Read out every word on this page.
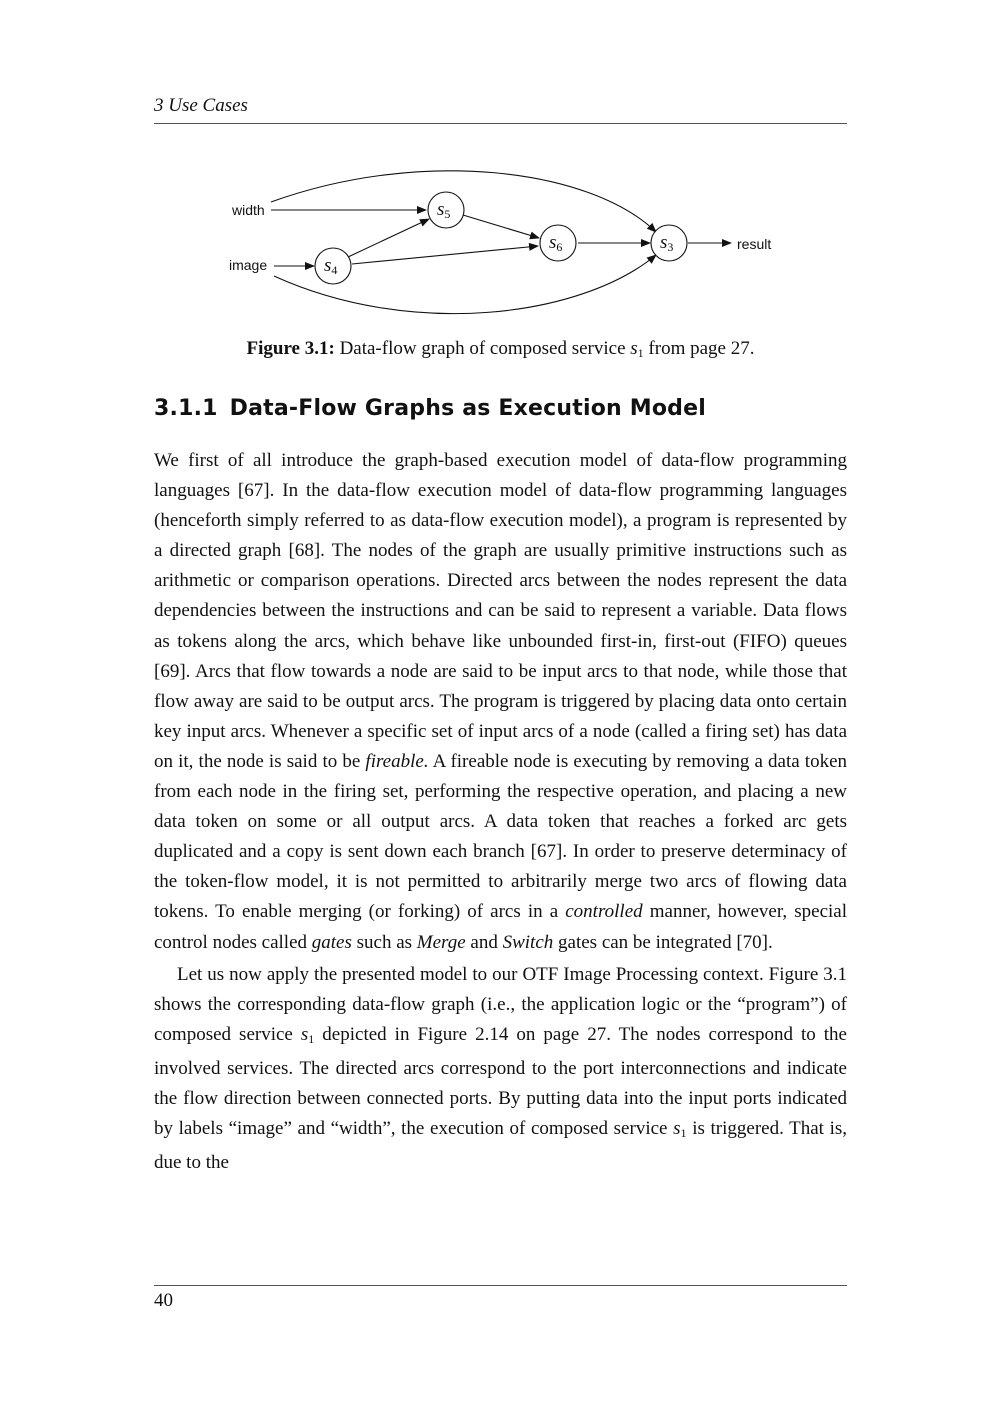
3 Use Cases
width
image
result
s5
s4
s6	s3
Figure 3.1: Data-flow graph of composed service $s_1$ from page 27.
3.1.1 Data-Flow Graphs as Execution Model

We first of all introduce the graph-based execution model of data-flow programming languages [67]. In the data-flow execution model of data-flow programming languages (henceforth simply referred to as data-flow execution model), a program is represented by a directed graph [68]. The nodes of the graph are usually primitive instructions such as arithmetic or comparison operations. Directed arcs between the nodes represent the data dependencies between the instructions and can be said to represent a variable. Data flows as tokens along the arcs, which behave like unbounded first-in, first-out (FIFO) queues [69]. Arcs that flow towards a node are said to be input arcs to that node, while those that flow away are said to be output arcs. The program is triggered by placing data onto certain key input arcs. Whenever a specific set of input arcs of a node (called a firing set) has data on it, the node is said to be fireable. A fireable node is executing by removing a data token from each node in the firing set, performing the respective operation, and placing a new data token on some or all output arcs. A data token that reaches a forked arc gets duplicated and a copy is sent down each branch [67]. In order to preserve determinacy of the token-flow model, it is not permitted to arbitrarily merge two arcs of flowing data tokens. To enable merging (or forking) of arcs in a controlled manner, however, special control nodes called gates such as Merge and Switch gates can be integrated [70].

Let us now apply the presented model to our OTF Image Processing context. Figure 3.1 shows the corresponding data-flow graph (i.e., the application logic or the “program”) of composed service $s_1$ depicted in Figure 2.14 on page 27. The nodes correspond to the involved services. The directed arcs correspond to the port interconnections and indicate the flow direction between connected ports. By putting data into the input ports indicated by labels “image” and “width”, the execution of composed service $s_1$ is triggered. That is, due to the

40
